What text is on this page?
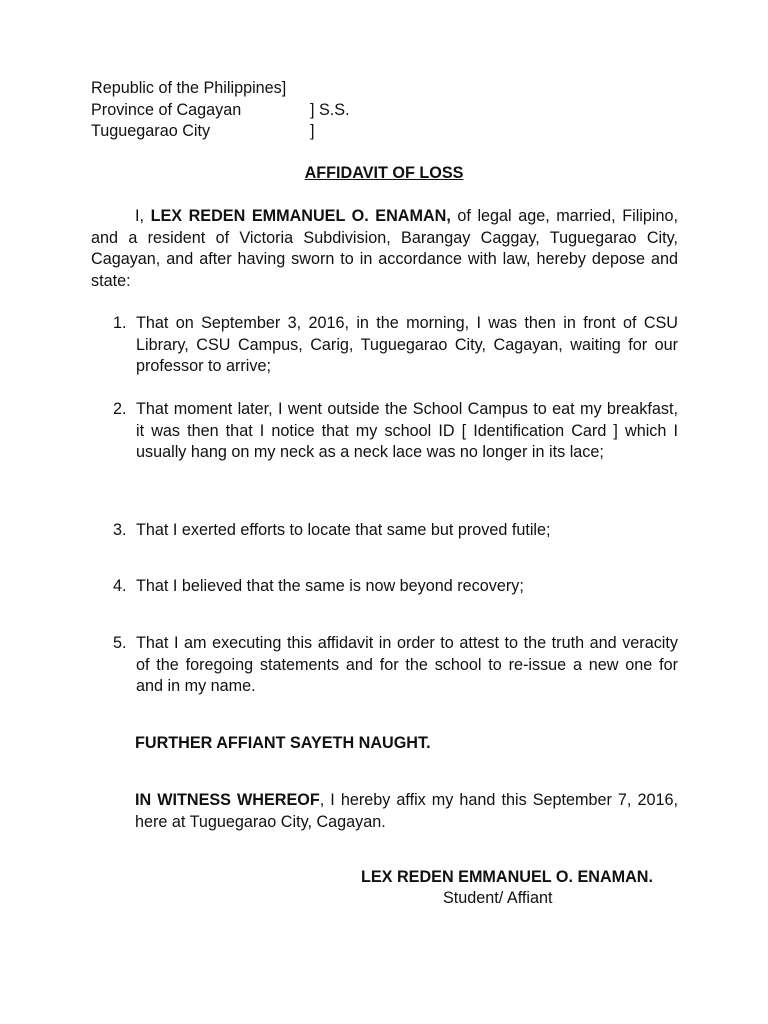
Republic of the Philippines]
Province of Cagayan	] S.S.
Tuguegarao City	]
AFFIDAVIT OF LOSS
I, LEX REDEN EMMANUEL O. ENAMAN, of legal age, married, Filipino, and a resident of Victoria Subdivision, Barangay Caggay, Tuguegarao City, Cagayan, and after having sworn to in accordance with law, hereby depose and state:
1. That on September 3, 2016, in the morning, I was then in front of CSU Library, CSU Campus, Carig, Tuguegarao City, Cagayan, waiting for our professor to arrive;
2. That moment later, I went outside the School Campus to eat my breakfast, it was then that I notice that my school ID [ Identification Card ] which I usually hang on my neck as a neck lace was no longer in its lace;
3. That I exerted efforts to locate that same but proved futile;
4. That I believed that the same is now beyond recovery;
5. That I am executing this affidavit in order to attest to the truth and veracity of the foregoing statements and for the school to re-issue a new one for and in my name.
FURTHER AFFIANT SAYETH NAUGHT.
IN WITNESS WHEREOF, I hereby affix my hand this September 7, 2016, here at Tuguegarao City, Cagayan.
LEX REDEN EMMANUEL O. ENAMAN.
Student/ Affiant
